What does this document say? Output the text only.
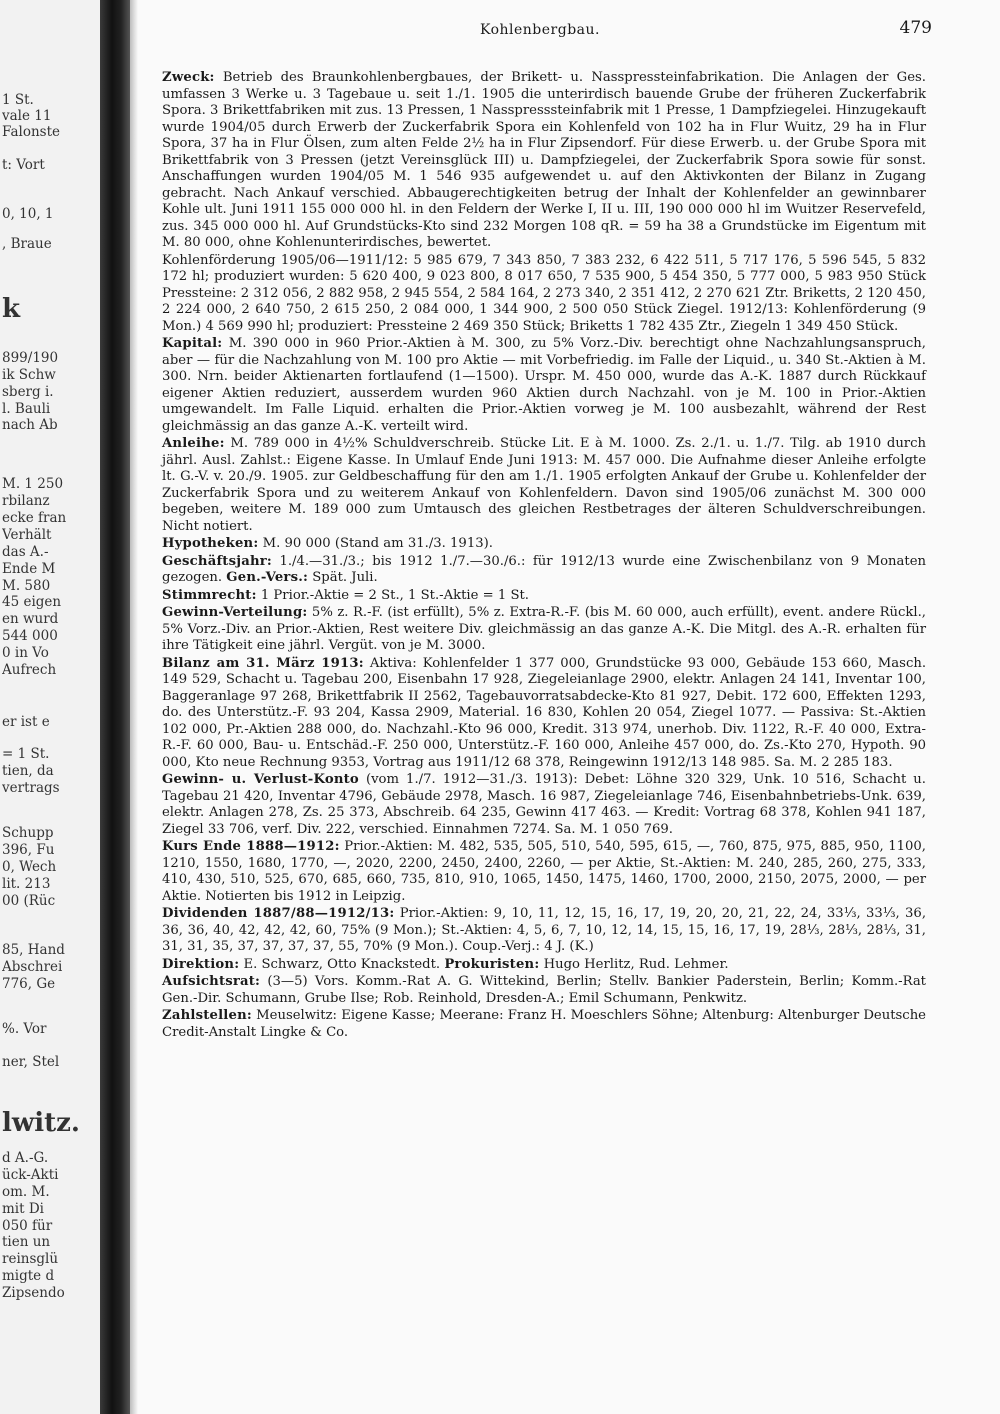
1 St.
vale 11
Falonste
t: Vort
0, 10, 1
, Braue
k
899/190
ik Schw
sberg i.
l. Bauli
nach Ab
M. 1 250
rbilanz
ecke fran
Verhält
das A.-
Ende M
M. 580
45 eigen
en wurd
544 000
0 in Vo
Aufrech
er ist e
= 1 St.
tien, da
vertrags
Schupp
396, Fu
0, Wech
lit. 213
00 (Rüc
85, Hand
Abschrei
776, Ge
%. Vor
ner, Stel
lwitz.
d A.-G.
ück-Akti
om. M.
mit Di
050 für
tien un
reinsglü
migte d
Zipsendo
Kohlenbergbau.	479

Zweck: Betrieb des Braunkohlenbergbaues, der Brikett- u. Nasspressteinfabrikation. Die Anlagen der Ges. umfassen 3 Werke u. 3 Tagebaue u. seit 1./1. 1905 die unterirdisch bauende Grube der früheren Zuckerfabrik Spora. 3 Brikettfabriken mit zus. 13 Pressen, 1 Nasspresssteinfabrik mit 1 Presse, 1 Dampfziegelei. Hinzugekauft wurde 1904/05 durch Erwerb der Zuckerfabrik Spora ein Kohlenfeld von 102 ha in Flur Wuitz, 29 ha in Flur Spora, 37 ha in Flur Ölsen, zum alten Felde 2½ ha in Flur Zipsendorf. Für diese Erwerb. u. der Grube Spora mit Brikettfabrik von 3 Pressen (jetzt Vereinsglück III) u. Dampfziegelei, der Zuckerfabrik Spora sowie für sonst. Anschaffungen wurden 1904/05 M. 1 546 935 aufgewendet u. auf den Aktivkonten der Bilanz in Zugang gebracht. Nach Ankauf verschied. Abbaugerechtigkeiten betrug der Inhalt der Kohlenfelder an gewinnbarer Kohle ult. Juni 1911 155 000 000 hl. in den Feldern der Werke I, II u. III, 190 000 000 hl im Wuitzer Reservefeld, zus. 345 000 000 hl. Auf Grundstücks-Kto sind 232 Morgen 108 qR. = 59 ha 38 a Grundstücke im Eigentum mit M. 80 000, ohne Kohlenunterirdisches, bewertet.

Kohlenförderung 1905/06—1911/12: 5 985 679, 7 343 850, 7 383 232, 6 422 511, 5 717 176, 5 596 545, 5 832 172 hl; produziert wurden: 5 620 400, 9 023 800, 8 017 650, 7 535 900, 5 454 350, 5 777 000, 5 983 950 Stück Pressteine: 2 312 056, 2 882 958, 2 945 554, 2 584 164, 2 273 340, 2 351 412, 2 270 621 Ztr. Briketts, 2 120 450, 2 224 000, 2 640 750, 2 615 250, 2 084 000, 1 344 900, 2 500 050 Stück Ziegel. 1912/13: Kohlenförderung (9 Mon.) 4 569 990 hl; produziert: Pressteine 2 469 350 Stück; Briketts 1 782 435 Ztr., Ziegeln 1 349 450 Stück.

Kapital: M. 390 000 in 960 Prior.-Aktien à M. 300, zu 5% Vorz.-Div. berechtigt ohne Nachzahlungsanspruch, aber — für die Nachzahlung von M. 100 pro Aktie — mit Vorbefriedig. im Falle der Liquid., u. 340 St.-Aktien à M. 300. Nrn. beider Aktienarten fortlaufend (1—1500). Urspr. M. 450 000, wurde das A.-K. 1887 durch Rückkauf eigener Aktien reduziert, ausserdem wurden 960 Aktien durch Nachzahl. von je M. 100 in Prior.-Aktien umgewandelt. Im Falle Liquid. erhalten die Prior.-Aktien vorweg je M. 100 ausbezahlt, während der Rest gleichmässig an das ganze A.-K. verteilt wird.

Anleihe: M. 789 000 in 4½% Schuldverschreib. Stücke Lit. E à M. 1000. Zs. 2./1. u. 1./7. Tilg. ab 1910 durch jährl. Ausl. Zahlst.: Eigene Kasse. In Umlauf Ende Juni 1913: M. 457 000. Die Aufnahme dieser Anleihe erfolgte lt. G.-V. v. 20./9. 1905. zur Geldbeschaffung für den am 1./1. 1905 erfolgten Ankauf der Grube u. Kohlenfelder der Zuckerfabrik Spora und zu weiterem Ankauf von Kohlenfeldern. Davon sind 1905/06 zunächst M. 300 000 begeben, weitere M. 189 000 zum Umtausch des gleichen Restbetrages der älteren Schuldverschreibungen. Nicht notiert.

Hypotheken: M. 90 000 (Stand am 31./3. 1913).

Geschäftsjahr: 1./4.—31./3.; bis 1912 1./7.—30./6.: für 1912/13 wurde eine Zwischenbilanz von 9 Monaten gezogen. Gen.-Vers.: Spät. Juli.

Stimmrecht: 1 Prior.-Aktie = 2 St., 1 St.-Aktie = 1 St.

Gewinn-Verteilung: 5% z. R.-F. (ist erfüllt), 5% z. Extra-R.-F. (bis M. 60 000, auch erfüllt), event. andere Rückl., 5% Vorz.-Div. an Prior.-Aktien, Rest weitere Div. gleichmässig an das ganze A.-K. Die Mitgl. des A.-R. erhalten für ihre Tätigkeit eine jährl. Vergüt. von je M. 3000.

Bilanz am 31. März 1913: Aktiva: Kohlenfelder 1 377 000, Grundstücke 93 000, Gebäude 153 660, Masch. 149 529, Schacht u. Tagebau 200, Eisenbahn 17 928, Ziegeleianlage 2900, elektr. Anlagen 24 141, Inventar 100, Baggeranlage 97 268, Brikettfabrik II 2562, Tagebauvorratsabdecke-Kto 81 927, Debit. 172 600, Effekten 1293, do. des Unterstütz.-F. 93 204, Kassa 2909, Material. 16 830, Kohlen 20 054, Ziegel 1077. — Passiva: St.-Aktien 102 000, Pr.-Aktien 288 000, do. Nachzahl.-Kto 96 000, Kredit. 313 974, unerhob. Div. 1122, R.-F. 40 000, Extra-R.-F. 60 000, Bau- u. Entschäd.-F. 250 000, Unterstütz.-F. 160 000, Anleihe 457 000, do. Zs.-Kto 270, Hypoth. 90 000, Kto neue Rechnung 9353, Vortrag aus 1911/12 68 378, Reingewinn 1912/13 148 985. Sa. M. 2 285 183.

Gewinn- u. Verlust-Konto (vom 1./7. 1912—31./3. 1913): Debet: Löhne 320 329, Unk. 10 516, Schacht u. Tagebau 21 420, Inventar 4796, Gebäude 2978, Masch. 16 987, Ziegeleianlage 746, Eisenbahnbetriebs-Unk. 639, elektr. Anlagen 278, Zs. 25 373, Abschreib. 64 235, Gewinn 417 463. — Kredit: Vortrag 68 378, Kohlen 941 187, Ziegel 33 706, verf. Div. 222, verschied. Einnahmen 7274. Sa. M. 1 050 769.

Kurs Ende 1888—1912: Prior.-Aktien: M. 482, 535, 505, 510, 540, 595, 615, —, 760, 875, 975, 885, 950, 1100, 1210, 1550, 1680, 1770, —, 2020, 2200, 2450, 2400, 2260, — per Aktie, St.-Aktien: M. 240, 285, 260, 275, 333, 410, 430, 510, 525, 670, 685, 660, 735, 810, 910, 1065, 1450, 1475, 1460, 1700, 2000, 2150, 2075, 2000, — per Aktie. Notierten bis 1912 in Leipzig.

Dividenden 1887/88—1912/13: Prior.-Aktien: 9, 10, 11, 12, 15, 16, 17, 19, 20, 20, 21, 22, 24, 33⅓, 33⅓, 36, 36, 36, 40, 42, 42, 42, 60, 75% (9 Mon.); St.-Aktien: 4, 5, 6, 7, 10, 12, 14, 15, 15, 16, 17, 19, 28⅓, 28⅓, 28⅓, 31, 31, 31, 35, 37, 37, 37, 37, 55, 70% (9 Mon.). Coup.-Verj.: 4 J. (K.)

Direktion: E. Schwarz, Otto Knackstedt. Prokuristen: Hugo Herlitz, Rud. Lehmer.

Aufsichtsrat: (3—5) Vors. Komm.-Rat A. G. Wittekind, Berlin; Stellv. Bankier Paderstein, Berlin; Komm.-Rat Gen.-Dir. Schumann, Grube Ilse; Rob. Reinhold, Dresden-A.; Emil Schumann, Penkwitz.

Zahlstellen: Meuselwitz: Eigene Kasse; Meerane: Franz H. Moeschlers Söhne; Altenburg: Altenburger Deutsche Credit-Anstalt Lingke & Co.
